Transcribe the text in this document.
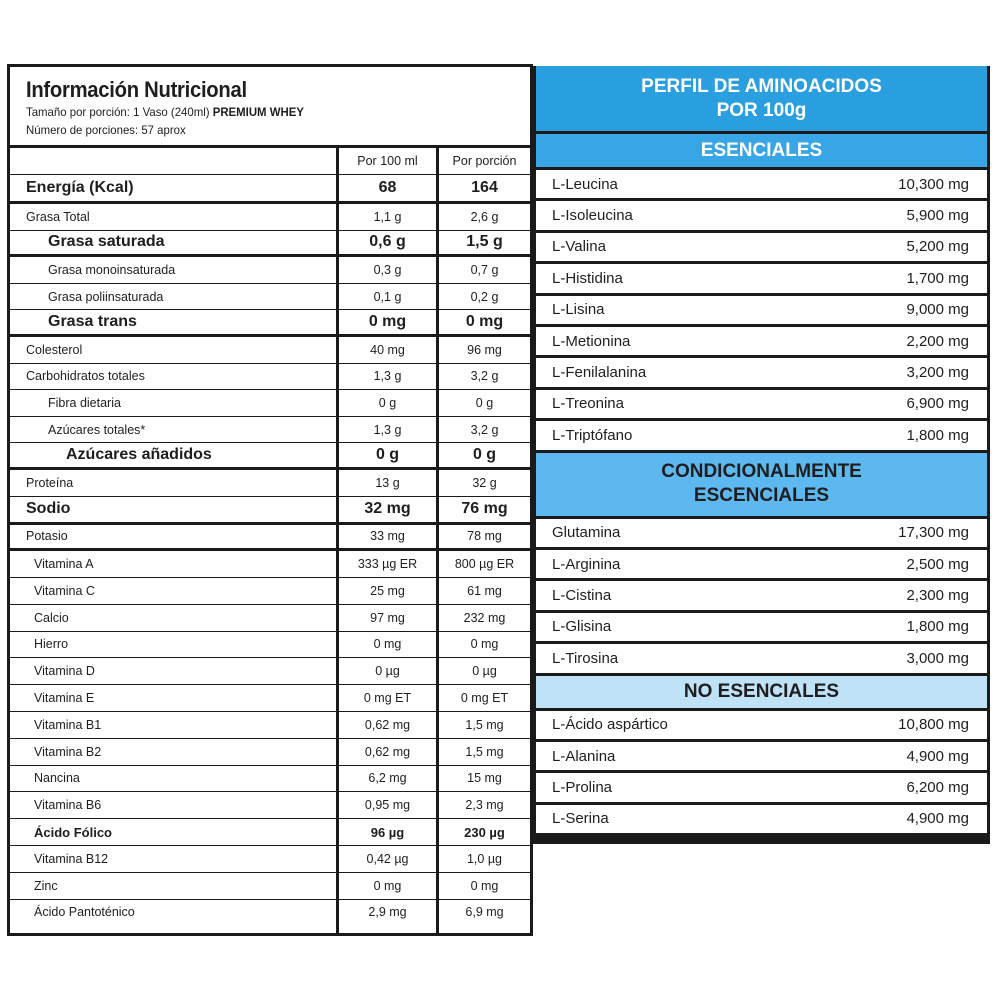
Información Nutricional
Tamaño por porción: 1 Vaso (240ml) PREMIUM WHEY
Número de porciones: 57 aprox
Por 100 ml	Por porción
Energía (Kcal)	68	164
Grasa Total	1,1 g	2,6 g
Grasa saturada	0,6 g	1,5 g
Grasa monoinsaturada	0,3 g	0,7 g
Grasa poliinsaturada	0,1 g	0,2 g
Grasa trans	0 mg	0 mg
Colesterol	40 mg	96 mg
Carbohidratos totales	1,3 g	3,2 g
Fibra dietaria	0 g	0 g
Azúcares totales*	1,3 g	3,2 g
Azúcares añadidos	0 g	0 g
Proteína	13 g	32 g
Sodio	32 mg	76 mg
Potasio	33 mg	78 mg
Vitamina A	333 µg ER	800 µg ER
Vitamina C	25 mg	61 mg
Calcio	97 mg	232 mg
Hierro	0 mg	0 mg
Vitamina D	0 µg	0 µg
Vitamina E	0 mg ET	0 mg ET
Vitamina B1	0,62 mg	1,5 mg
Vitamina B2	0,62 mg	1,5 mg
Nancina	6,2 mg	15 mg
Vitamina B6	0,95 mg	2,3 mg
Ácido Fólico	96 µg	230 µg
Vitamina B12	0,42 µg	1,0 µg
Zinc	0 mg	0 mg
Ácido Pantoténico	2,9 mg	6,9 mg
PERFIL DE AMINOACIDOS
POR 100g
ESENCIALES
L-Leucina	10,300 mg
L-Isoleucina	5,900 mg
L-Valina	5,200 mg
L-Histidina	1,700 mg
L-Lisina	9,000 mg
L-Metionina	2,200 mg
L-Fenilalanina	3,200 mg
L-Treonina	6,900 mg
L-Triptófano	1,800 mg
CONDICIONALMENTE
ESCENCIALES
Glutamina	17,300 mg
L-Arginina	2,500 mg
L-Cistina	2,300 mg
L-Glisina	1,800 mg
L-Tirosina	3,000 mg
NO ESENCIALES
L-Ácido aspártico	10,800 mg
L-Alanina	4,900 mg
L-Prolina	6,200 mg
L-Serina	4,900 mg
